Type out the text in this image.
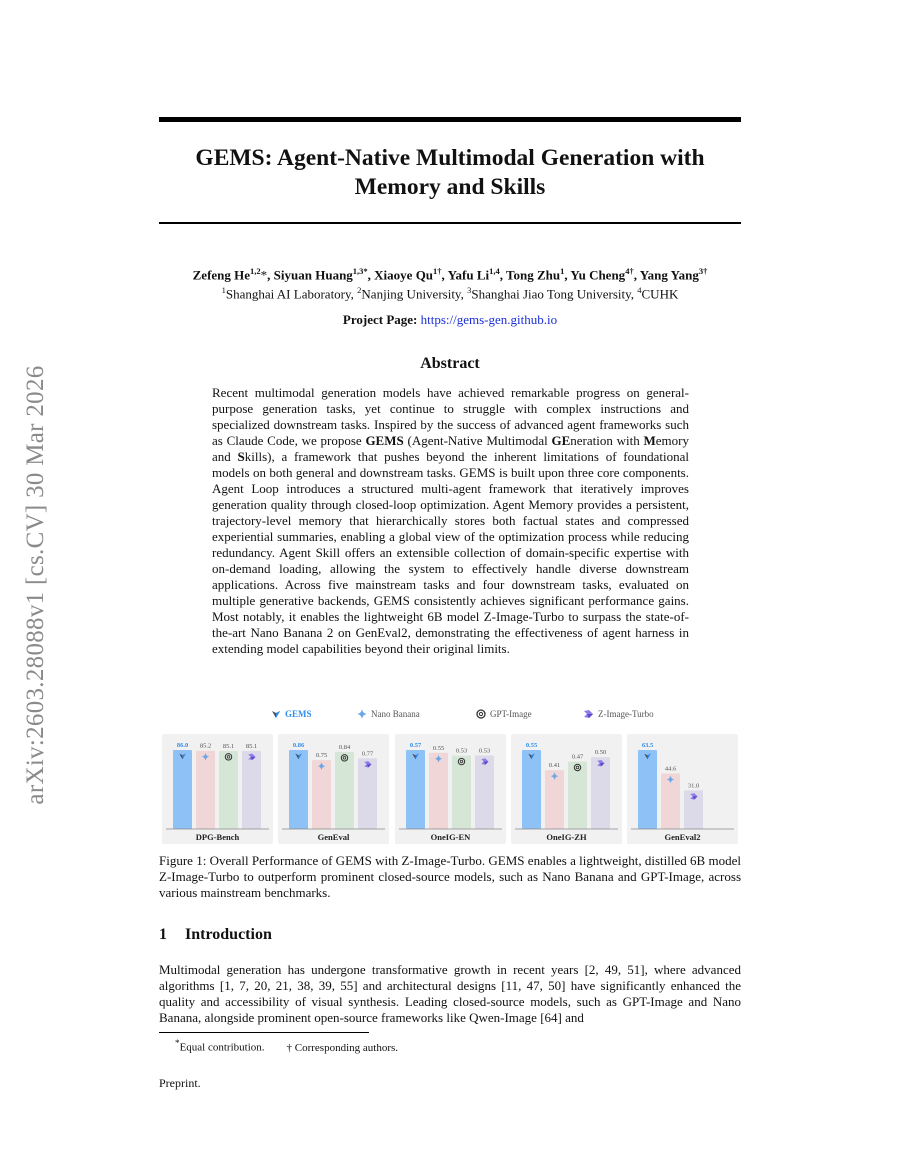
arXiv:2603.28088v1 [cs.CV] 30 Mar 2026
GEMS: Agent-Native Multimodal Generation with
Memory and Skills
Zefeng He$^{1,2}$*, Siyuan Huang$^{1,3*}$, Xiaoye $Qu^{1\dagger}$, Yafu Li$^{1,4}$, Tong Zhu$^1$, Yu Cheng$^{4\dagger}$, Yang Yang$^{3\dagger}$
$^1$Shanghai AI Laboratory, $^2$Nanjing University, $^3$Shanghai Jiao Tong University, $^4$CUHK
Project Page: https://gems-gen.github.io
Abstract
Recent multimodal generation models have achieved remarkable progress on general-purpose generation tasks, yet continue to struggle with complex instructions and specialized downstream tasks. Inspired by the success of advanced agent frameworks such as Claude Code, we propose GEMS (Agent-Native Multimodal GEneration with Memory and Skills), a framework that pushes beyond the inherent limitations of foundational models on both general and downstream tasks. GEMS is built upon three core components. Agent Loop introduces a structured multi-agent framework that iteratively improves generation quality through closed-loop optimization. Agent Memory provides a persistent, trajectory-level memory that hierarchically stores both factual states and compressed experiential summaries, enabling a global view of the optimization process while reducing redundancy. Agent Skill offers an extensible collection of domain-specific expertise with on-demand loading, allowing the system to effectively handle diverse downstream applications. Across five mainstream tasks and four downstream tasks, evaluated on multiple generative backends, GEMS consistently achieves significant performance gains. Most notably, it enables the lightweight 6B model Z-Image-Turbo to surpass the state-of-the-art Nano Banana 2 on GenEval2, demonstrating the effectiveness of agent harness in extending model capabilities beyond their original limits.
GEMS	Nano Banana	GPT-Image	Z-Image-Turbo
86.0 85.2 85.1 85.1
DPG-Bench
0.86
0.75
0.84
0.77
GenEval
0.57 0.55 0.53 0.53
OneIG-EN
0.55
0.41
0.47
0.50
OneIG-ZH
63.5
44.6
31.0
GenEval2
Figure 1: Overall Performance of GEMS with Z-Image-Turbo. GEMS enables a lightweight, distilled 6B model Z-Image-Turbo to outperform prominent closed-source models, such as Nano Banana and GPT-Image, across various mainstream benchmarks.
1 Introduction
Multimodal generation has undergone transformative growth in recent years [2, 49, 51], where advanced algorithms [1, 7, 20, 21, 38, 39, 55] and architectural designs [11, 47, 50] have significantly enhanced the quality and accessibility of visual synthesis. Leading closed-source models, such as GPT-Image and Nano Banana, alongside prominent open-source frameworks like Qwen-Image [64] and
*Equal contribution. † Corresponding authors.
Preprint.
